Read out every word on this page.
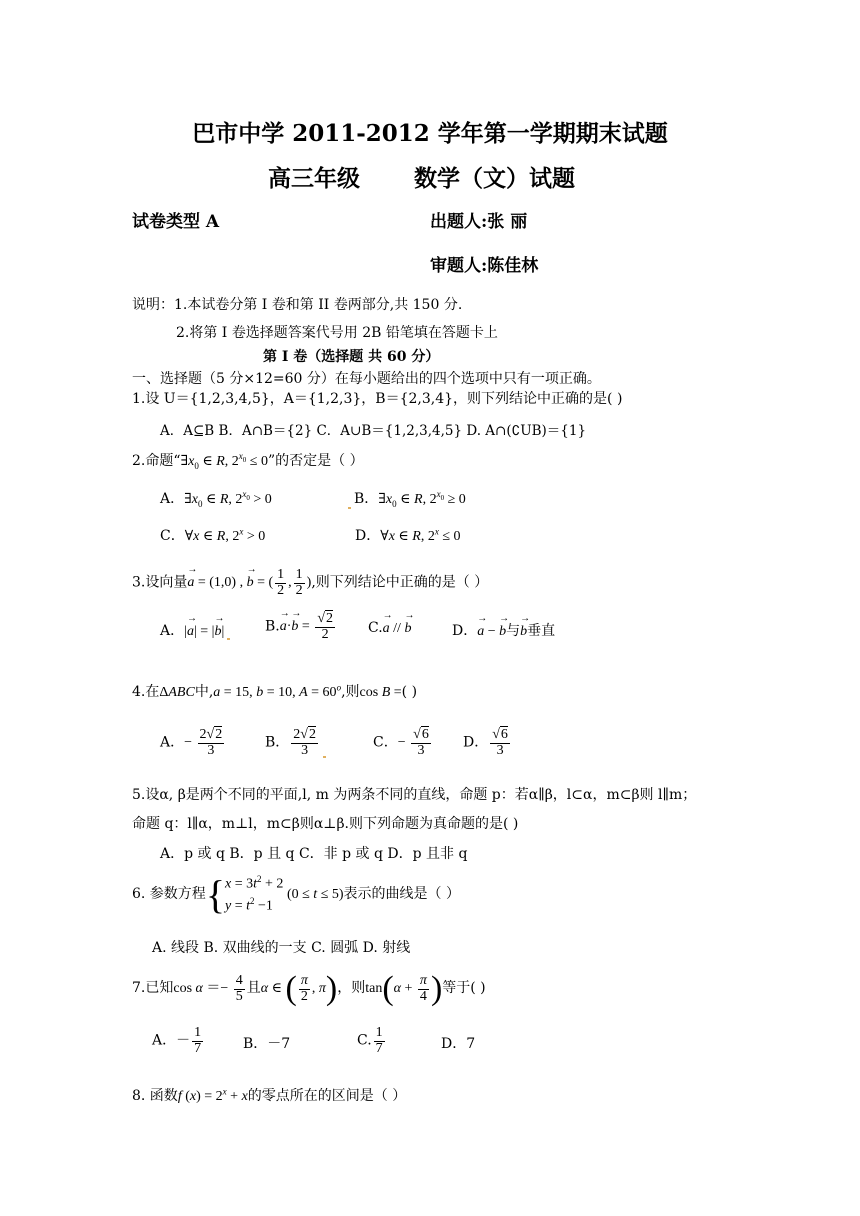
巴市中学 2011-2012 学年第一学期期末试题
高三年级 数学（文）试题
试卷类型 A	出题人:张 丽
审题人:陈佳林
说明：1.本试卷分第 I 卷和第 II 卷两部分,共 150 分.
2.将第 I 卷选择题答案代号用 2B 铅笔填在答题卡上
第 I 卷（选择题 共 60 分）
一、选择题（5 分×12=60 分）在每小题给出的四个选项中只有一项正确。
1.设 U＝{1,2,3,4,5}，A＝{1,2,3}，B＝{2,3,4}，则下列结论中正确的是( )
A．A⊆B B．A∩B＝{2} C．A∪B＝{1,2,3,4,5} D. A∩(∁UB)＝{1}
2.命题“$\exists x_0$ ∈ R, $2^{x_0} \le 0$”的否定是（ ）
A．$\exists x_0$ ∈ R, $2^{x_0} > 0$	B．$\exists x_0$ ∈ R, $2^{x_0} \ge 0$
C．∀x ∈ R, $2^x > 0$	D．∀x ∈ R, $2^x \le 0$
3.设向量→ a = (1,0) , → b = ( $\frac{1}{2}$ , $\frac{1}{2}$ ),则下列结论中正确的是（ ）
A．|→ a| = |→ b|	$B.\to a\cdot\to b = \frac{√2}{2} C.\to a$ // → b	D．→ a − → b与→ b垂直
4.在ΔABC中,a = 15, b = 10, $A = 60^o$,则cos B =( )
A．− $\frac{2√2}{3}$	B． $\frac{2√2}{3}$	C．− $\frac{√6}{3}$ D． $\frac{√6}{3}$
5.设α, β是两个不同的平面,l, m 为两条不同的直线，命题 p：若α∥β，l⊂α，m⊂β则 l∥m；
命题 q：l∥α，m⊥l，m⊂β则α⊥β.则下列命题为真命题的是( )
A．p 或 q B．p 且 q C．非 p 或 q D．p 且非 q
6. 参数方程{ $x = 3t^2 + 2$
$y = t^2 -1$
(0 ≤ t ≤ 5)表示的曲线是（ ）
A. 线段 B. 双曲线的一支 C. 圆弧 D. 射线
7.已知$\cos \alpha =- \frac{4}{5}$ 且α ∈ ( $\frac{\pi}{2}$ , π)，则$\tan(\alpha + \frac{\pi}{4}$ )等于( )
A．－ $\frac{1}{7}$	B．－7	C. $\frac{1}{7}$	D．7
8. 函数f $(x) = 2^x + x$的零点所在的区间是（ ）
